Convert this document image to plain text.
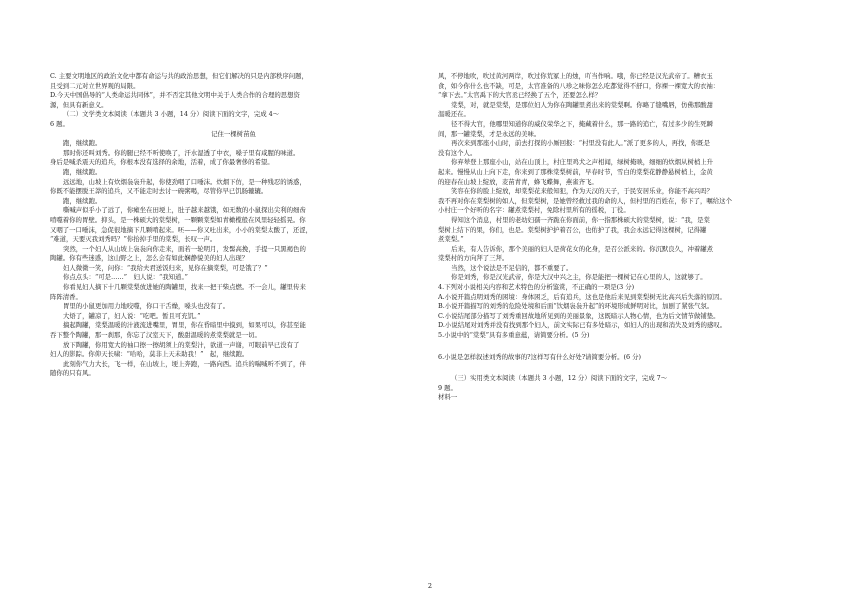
C. 主要文明地区的政治文化中都有命运与共的政治思想，但它们解决的只是内部秩序问题，

且受到二元对立世界观的局限。

D.今天中国倡导的“人类命运共同体”，并不否定其他文明中关于人类合作的合理的思想资

源，但具有新意义。

（二）文学类文本阅读（本题共 3 小题，14 分）阅读下面的文字，完成 4～

6 题。

记住一棵树苗鱼

跑，继续跑。

那时你还叫刘秀。你的腿已经不听使唤了，汗水湿透了中衣，嗓子里有咸腥的味道。

身后是喊杀震天的追兵，你根本没有选择的余地，活着，成了你最奢侈的希望。

跑，继续跑。

远远地，山坡上有炊烟袅袅升起，你使劲咽了口唾沫。炊烟下仿，是一种残忍的诱惑，

你既不能摆脱王莽的追兵，又不能走时去讨一碗粥喝，尽管你早已饥肠辘辘。

跑，继续跑。

嘶喊声似乎小了远了，你瘫坐在田埂上，肚子越来越饿，如无数的小鼠探出尖利的细齿

啃噬着你的胃壁。抑头，是一株硕大的棠梨树，一颗颗棠梨如青橄榄般在风里轻轻摇晃。你

又咽了一口唾沫，急促很地摘下几颗啃起来。呸——你又吐出来，小小的棠梨太酸了，还涩，

“难道，天要灭我刘秀吗？”你抬掉手里的棠梨，长叹一声。

突然，一个妇人从山坡上袅袅向你走来，面若一轮明月，发髻高挽，手提一只黑褐色的

陶罐。你有些迷惑，这山野之上，怎么会有如此娴静貌美的妇人出现？

妇人微微一笑，问你：“我给夫君送饭归来，见你在摘棠梨，可是饿了？”

你点点头：“可是……”　妇人说：“我知道。”

你看见妇人摘下十几颗棠梨放进她的陶罐里，找来一把干柴点燃。不一会儿，罐里传来

阵阵清香。

胃里的小鼠更加用力地咬噬，你口干舌燥，嗓头也没有了。

大焐了，罐凉了，妇人说：“吃吧。暂且可充饥。”

搞起陶罐，棠梨温暖的汁液流进嘴里，胃里，你在昏暗里中摸到，如果可以，你甚至能

吞下整个陶罐，那一刹那，你忘了汉室天下，酸甜温暖的煮棠梨就是一切。

放下陶罐，你用宽大的袖口擦一擦胡须上的棠梨汁，欲道一声谢，可眼前早已没有了

妇人的影踪。你仰天长啸：“哈哈，莫非上天未助我！”　起，继续跑。

此刻你气力大长，飞一样，在山坡上，埂上奔跑，一路向西。追兵的喘喊听不到了，伴

随你的只有风。

风，不停地吹，吹过黄河两岸，吹过你荒冢上的烛，吖当作响。哦，你已经是汉光武帝了。糟衣玉

食，如今你什么也不缺，可是，太官准备的八珍之味你怎么吃都觉得不舒口，你裸一裸宽大的衣袖：

“拿下去。”太官禹下的大官丞已经换了五个，还要怎么样？

棠梨，对，就是棠梨，是那位妇人为你在陶罐里煮出来的棠梨啊。你略了缝嘴唇，仿佛那酸甜

温暖还在。

径不得大官，他哪里知道你的威仪荣华之下，掩藏着什么，那一路的追亡，有过多少的生死瞬

间，那一罐棠梨，才是永远的美味。

再次来到那座小山时，前去打探的小厮回报：“村里没有此人。”派了更多的人，再找，你既是

没有这个人。

你弃辇登上那座小山，站在山顶上，村庄里鸡犬之声相闻，绿树掩映，细细的炊烟从树梢上升

起来。慢慢从山上向下走，你来到了那株棠梨树前，早春时节，雪白的棠梨花静静悬树梢上，金黄

的迎春在山坡上绽放，麦苗青青，蜂飞蝶舞，燕雀齐飞。

笑容在你的脸上绽放，却棠梨花来般知犯，作为天汉的天子，于民安居乐业，你能不高兴吗？

我不再对你在棠梨树的如人，但棠梨树，是她曾经救过我的命的人，但村里的百姓在，你下了，嘱给这个

小村庄一个好听的名字：罐煮棠梨村，免除村里所有的徭税，丁役。

得知这个消息，村里的老幼妇孺一齐跪在你面前，你一指那株硕大的棠梨树，说：“我，是棠

梨树上结下的果，你们，也是。棠梨树护护着召公，也佑护了我，我会永远记得这棵树，记得罐

煮棠梨。”

后来，有人告诉你，那个美丽的妇人是荷花女的化身，是召公派来的。你沉默良久，冲着罐煮

棠梨村的方向拜了三拜。

当然，这个说法是不足信的，都不重要了。

你是刘秀，你是汉光武帝，你是大汉中兴之主，你是能把一棵树记在心里的人，这就够了。

4.下列对小说相关内容和艺术特色的分析鉴赏，不正确的一项是(3 分)

A.小说开篇点明刘秀的困境：身体困乏，后有追兵，这也是他后来见到棠梨树无比高兴后失落的原因。

B.小说开篇描写的刘秀的危险处境和后面“饮烟袅袅升起”的环境形成鲜明对比，加剧了紧张气氛。

C.小说结尾部分描写了刘秀重回故地所见到的美丽景象，这既暗示人物心情，也为后文情节做铺垫。

D.小说结尾对刘秀并没有找到那个妇人，前文实际已有多处暗示，如妇人的出现和消失及刘秀的感叹。

5.小说中的“棠梨”具有多重意蕴，请简要分析。(5 分)

6.小说是怎样叙述刘秀的故事的?这样写有什么好处?请简要分析。(6 分)

（三）实用类文本阅读（本题共 3 小题，12 分）阅读下面的文字，完成 7～

9 题。

材料一

2
